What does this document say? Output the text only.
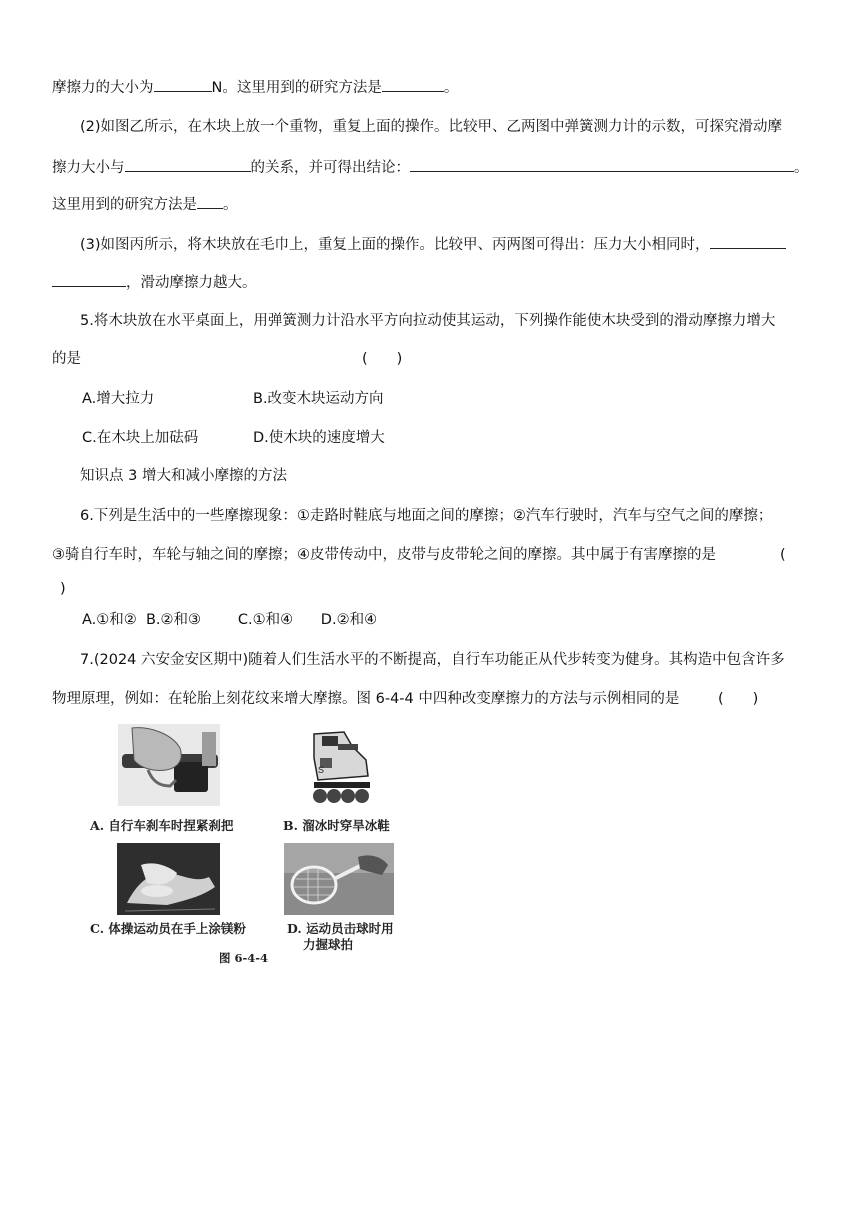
摩擦力的大小为	N。这里用到的研究方法是	。
(2)如图乙所示，在木块上放一个重物，重复上面的操作。比较甲、乙两图中弹簧测力计的示数，可探究滑动摩
擦力大小与	的关系，并可得出结论：	。
这里用到的研究方法是 。
(3)如图丙所示，将木块放在毛巾上，重复上面的操作。比较甲、丙两图可得出：压力大小相同时，
，滑动摩擦力越大。
5.将木块放在水平桌面上，用弹簧测力计沿水平方向拉动使其运动，下列操作能使木块受到的滑动摩擦力增大
的是	(　　)
A.增大拉力	B.改变木块运动方向
C.在木块上加砝码	D.使木块的速度增大
知识点 3 增大和减小摩擦的方法
6.下列是生活中的一些摩擦现象：①走路时鞋底与地面之间的摩擦；②汽车行驶时，汽车与空气之间的摩擦；
③骑自行车时，车轮与轴之间的摩擦；④皮带传动中，皮带与皮带轮之间的摩擦。其中属于有害摩擦的是	(
)
A.①和②  B.②和③        C.①和④      D.②和④
7.(2024 六安金安区期中)随着人们生活水平的不断提高，自行车功能正从代步转变为健身。其构造中包含许多
物理原理，例如：在轮胎上刻花纹来增大摩擦。图 6-4-4 中四种改变摩擦力的方法与示例相同的是	(　　)
S
A. 自行车刹车时捏紧刹把	B. 溜冰时穿旱冰鞋
C. 体操运动员在手上涂镁粉	D. 运动员击球时用
力握球拍
图 6-4-4
